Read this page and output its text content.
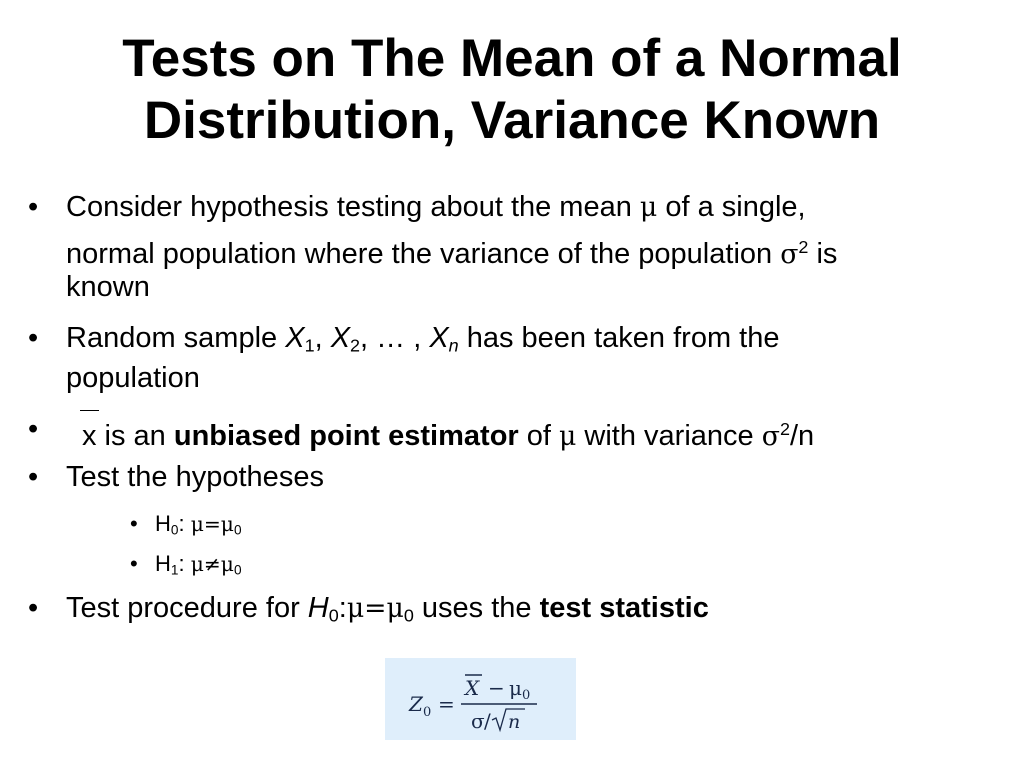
Tests on The Mean of a Normal
Distribution, Variance Known
• Consider hypothesis testing about the mean μ of a single,
normal population where the variance of the population $\sigma^2$ is
known
• Random sample $X_1$, $X_2$, … , $X_n$ has been taken from the
population
• x is an unbiased point estimator of μ with variance $\sigma^2/n$
• Test the hypotheses
• $H_0$: $\mu=\mu_0$
• $H_1$: $\mu\ne\mu_0$
• Test procedure for $H_0:\mu=\mu_0$ uses the test statistic
Z 0 =
X − μ 0
σ / n
